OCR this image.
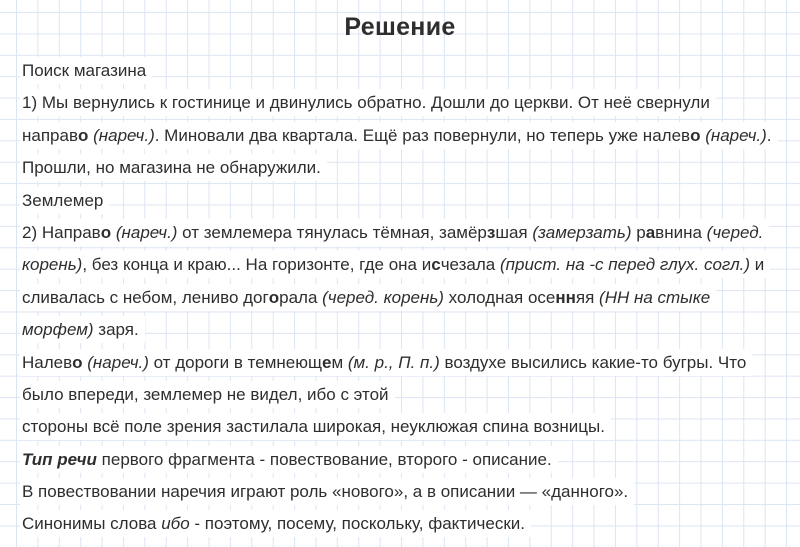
Решение
Поиск магазина
1) Мы вернулись к гостинице и двинулись обратно. Дошли до церкви. От неё свернули
направо (нареч.). Миновали два квартала. Ещё раз повернули, но теперь уже налево (нареч.).
Прошли, но магазина не обнаружили.
Землемер
2) Направо (нареч.) от землемера тянулась тёмная, замёрзшая (замерзать) равнина (черед.
корень), без конца и краю... На горизонте, где она исчезала (прист. на -с перед глух. согл.) и
сливалась с небом, лениво догорала (черед. корень) холодная осенняя (НН на стыке
морфем) заря.
Налево (нареч.) от дороги в темнеющем (м. р., П. п.) воздухе высились какие-то бугры. Что
было впереди, землемер не видел, ибо с этой
стороны всё поле зрения застилала широкая, неуклюжая спина возницы.
Тип речи первого фрагмента - повествование, второго - описание.
В повествовании наречия играют роль «нового», а в описании — «данного».
Синонимы слова ибо - поэтому, посему, поскольку, фактически.
